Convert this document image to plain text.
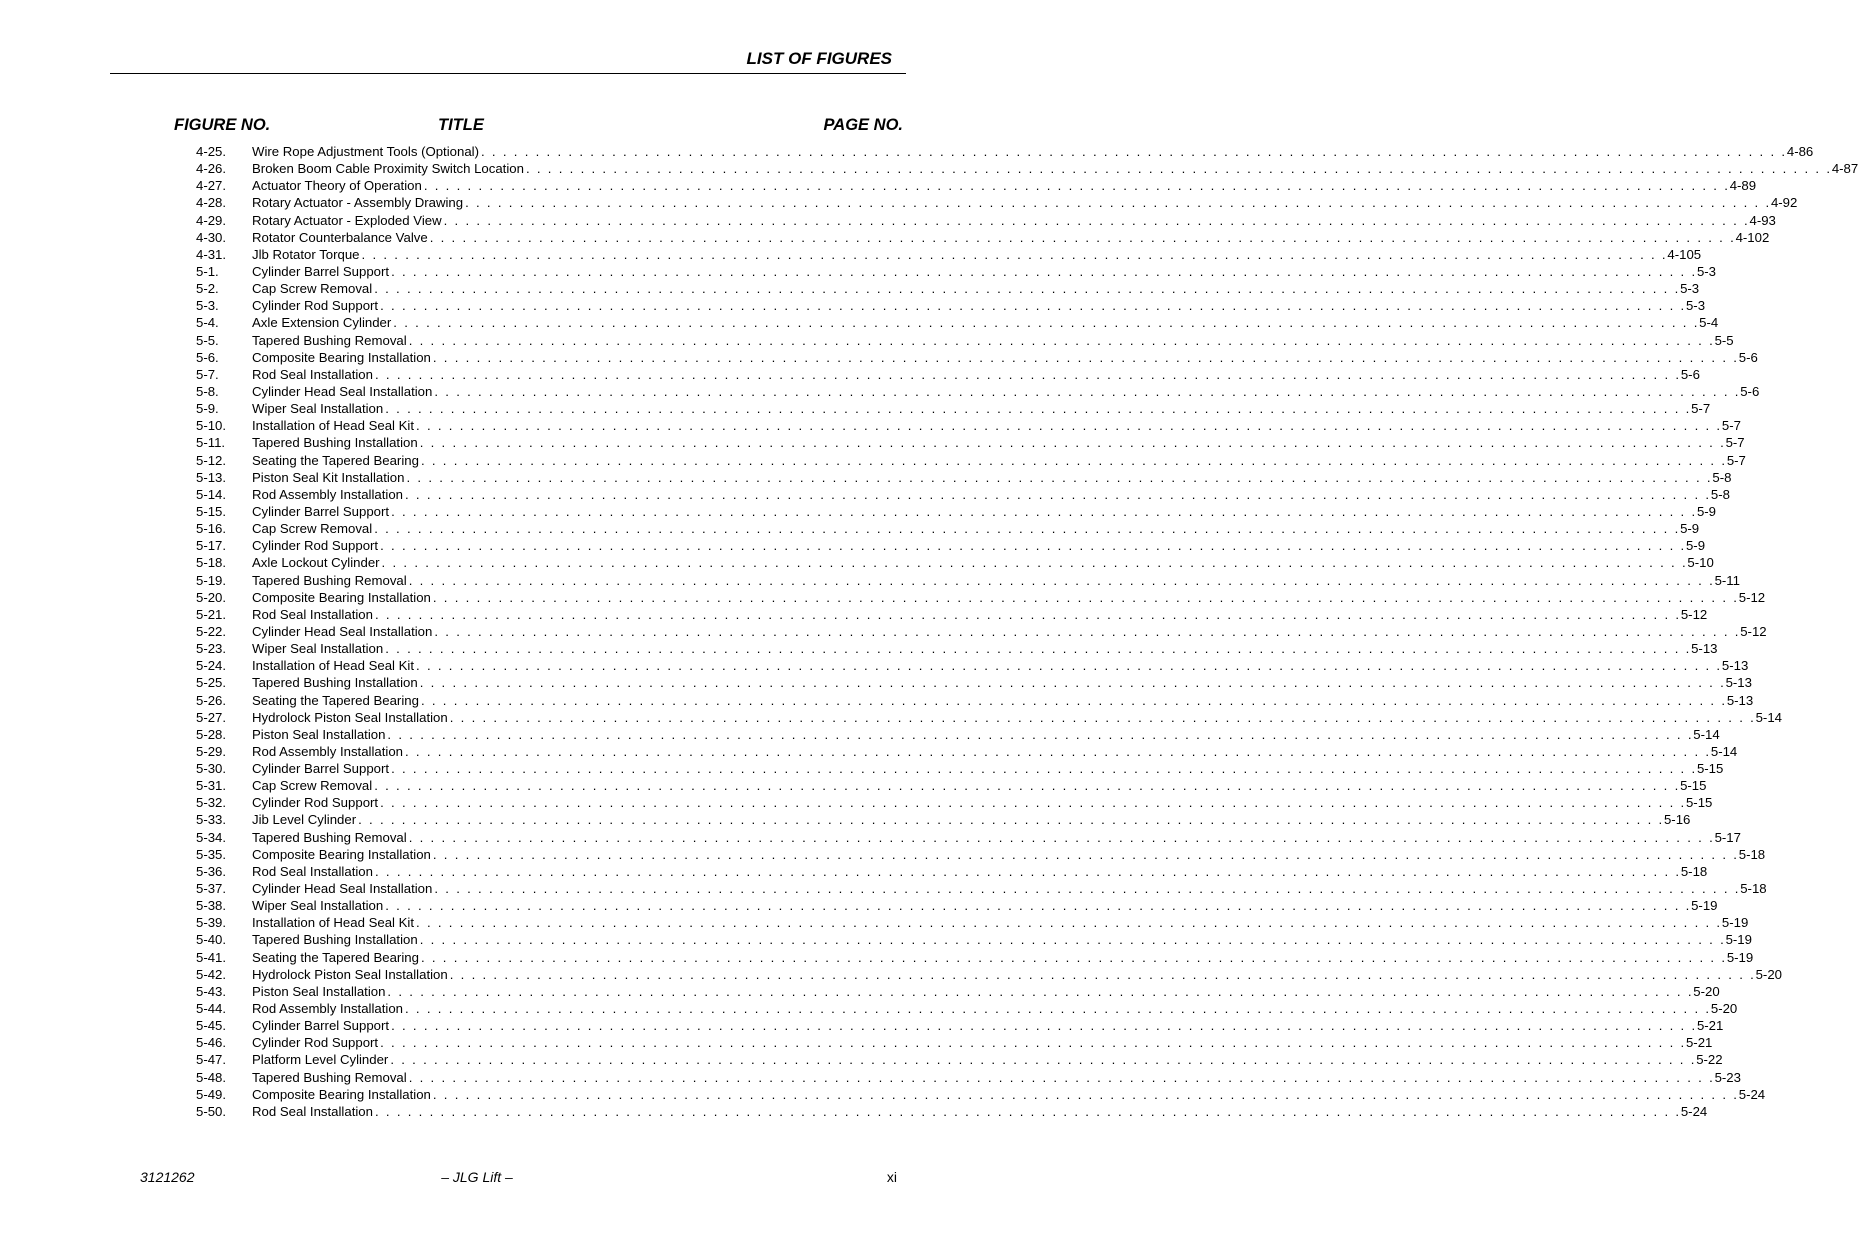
LIST OF FIGURES
FIGURE NO.	TITLE	PAGE NO.
4-25.	Wire Rope Adjustment Tools (Optional) . . . . . . . . . . . . . . . . . . . . . . . . . . . . . . . . . . . . . . . . . . . . . . . . . . . . . . . . . . . . . . . . . . . . . . . . . . . . . . . . . . . . . . . . . . . . . . . . . . . . . . . . . . . . . . . . . . . . . . . . 4-86
4-26.	Broken Boom Cable Proximity Switch Location . . . . . . . . . . . . . . . . . . . . . . . . . . . . . . . . . . . . . . . . . . . . . . . . . . . . . . . . . . . . . . . . . . . . . . . . . . . . . . . . . . . . . . . . . . . . . . . . . . . . . . . . . . . . . . . . . . . . . . . . 4-87
4-27.	Actuator Theory of Operation . . . . . . . . . . . . . . . . . . . . . . . . . . . . . . . . . . . . . . . . . . . . . . . . . . . . . . . . . . . . . . . . . . . . . . . . . . . . . . . . . . . . . . . . . . . . . . . . . . . . . . . . . . . . . . . . . . . . . . . . 4-89
4-28.	Rotary Actuator - Assembly Drawing . . . . . . . . . . . . . . . . . . . . . . . . . . . . . . . . . . . . . . . . . . . . . . . . . . . . . . . . . . . . . . . . . . . . . . . . . . . . . . . . . . . . . . . . . . . . . . . . . . . . . . . . . . . . . . . . . . . . . . . . 4-92
4-29.	Rotary Actuator - Exploded View . . . . . . . . . . . . . . . . . . . . . . . . . . . . . . . . . . . . . . . . . . . . . . . . . . . . . . . . . . . . . . . . . . . . . . . . . . . . . . . . . . . . . . . . . . . . . . . . . . . . . . . . . . . . . . . . . . . . . . . . 4-93
4-30.	Rotator Counterbalance Valve . . . . . . . . . . . . . . . . . . . . . . . . . . . . . . . . . . . . . . . . . . . . . . . . . . . . . . . . . . . . . . . . . . . . . . . . . . . . . . . . . . . . . . . . . . . . . . . . . . . . . . . . . . . . . . . . . . . . . . . . 4-102
4-31.	Jlb Rotator Torque . . . . . . . . . . . . . . . . . . . . . . . . . . . . . . . . . . . . . . . . . . . . . . . . . . . . . . . . . . . . . . . . . . . . . . . . . . . . . . . . . . . . . . . . . . . . . . . . . . . . . . . . . . . . . . . . . . . . . . . . 4-105
5-1.	Cylinder Barrel Support . . . . . . . . . . . . . . . . . . . . . . . . . . . . . . . . . . . . . . . . . . . . . . . . . . . . . . . . . . . . . . . . . . . . . . . . . . . . . . . . . . . . . . . . . . . . . . . . . . . . . . . . . . . . . . . . . . . . . . . . 5-3
5-2.	Cap Screw Removal . . . . . . . . . . . . . . . . . . . . . . . . . . . . . . . . . . . . . . . . . . . . . . . . . . . . . . . . . . . . . . . . . . . . . . . . . . . . . . . . . . . . . . . . . . . . . . . . . . . . . . . . . . . . . . . . . . . . . . . . 5-3
5-3.	Cylinder Rod Support . . . . . . . . . . . . . . . . . . . . . . . . . . . . . . . . . . . . . . . . . . . . . . . . . . . . . . . . . . . . . . . . . . . . . . . . . . . . . . . . . . . . . . . . . . . . . . . . . . . . . . . . . . . . . . . . . . . . . . . . 5-3
5-4.	Axle Extension Cylinder . . . . . . . . . . . . . . . . . . . . . . . . . . . . . . . . . . . . . . . . . . . . . . . . . . . . . . . . . . . . . . . . . . . . . . . . . . . . . . . . . . . . . . . . . . . . . . . . . . . . . . . . . . . . . . . . . . . . . . . . 5-4
5-5.	Tapered Bushing Removal . . . . . . . . . . . . . . . . . . . . . . . . . . . . . . . . . . . . . . . . . . . . . . . . . . . . . . . . . . . . . . . . . . . . . . . . . . . . . . . . . . . . . . . . . . . . . . . . . . . . . . . . . . . . . . . . . . . . . . . . 5-5
5-6.	Composite Bearing Installation . . . . . . . . . . . . . . . . . . . . . . . . . . . . . . . . . . . . . . . . . . . . . . . . . . . . . . . . . . . . . . . . . . . . . . . . . . . . . . . . . . . . . . . . . . . . . . . . . . . . . . . . . . . . . . . . . . . . . . . . 5-6
5-7.	Rod Seal Installation . . . . . . . . . . . . . . . . . . . . . . . . . . . . . . . . . . . . . . . . . . . . . . . . . . . . . . . . . . . . . . . . . . . . . . . . . . . . . . . . . . . . . . . . . . . . . . . . . . . . . . . . . . . . . . . . . . . . . . . . 5-6
5-8.	Cylinder Head Seal Installation . . . . . . . . . . . . . . . . . . . . . . . . . . . . . . . . . . . . . . . . . . . . . . . . . . . . . . . . . . . . . . . . . . . . . . . . . . . . . . . . . . . . . . . . . . . . . . . . . . . . . . . . . . . . . . . . . . . . . . . . 5-6
5-9.	Wiper Seal Installation . . . . . . . . . . . . . . . . . . . . . . . . . . . . . . . . . . . . . . . . . . . . . . . . . . . . . . . . . . . . . . . . . . . . . . . . . . . . . . . . . . . . . . . . . . . . . . . . . . . . . . . . . . . . . . . . . . . . . . . . 5-7
5-10.	Installation of Head Seal Kit . . . . . . . . . . . . . . . . . . . . . . . . . . . . . . . . . . . . . . . . . . . . . . . . . . . . . . . . . . . . . . . . . . . . . . . . . . . . . . . . . . . . . . . . . . . . . . . . . . . . . . . . . . . . . . . . . . . . . . . . 5-7
5-11.	Tapered Bushing Installation . . . . . . . . . . . . . . . . . . . . . . . . . . . . . . . . . . . . . . . . . . . . . . . . . . . . . . . . . . . . . . . . . . . . . . . . . . . . . . . . . . . . . . . . . . . . . . . . . . . . . . . . . . . . . . . . . . . . . . . . 5-7
5-12.	Seating the Tapered Bearing . . . . . . . . . . . . . . . . . . . . . . . . . . . . . . . . . . . . . . . . . . . . . . . . . . . . . . . . . . . . . . . . . . . . . . . . . . . . . . . . . . . . . . . . . . . . . . . . . . . . . . . . . . . . . . . . . . . . . . . . 5-7
5-13.	Piston Seal Kit Installation . . . . . . . . . . . . . . . . . . . . . . . . . . . . . . . . . . . . . . . . . . . . . . . . . . . . . . . . . . . . . . . . . . . . . . . . . . . . . . . . . . . . . . . . . . . . . . . . . . . . . . . . . . . . . . . . . . . . . . . . 5-8
5-14.	Rod Assembly Installation . . . . . . . . . . . . . . . . . . . . . . . . . . . . . . . . . . . . . . . . . . . . . . . . . . . . . . . . . . . . . . . . . . . . . . . . . . . . . . . . . . . . . . . . . . . . . . . . . . . . . . . . . . . . . . . . . . . . . . . . 5-8
5-15.	Cylinder Barrel Support . . . . . . . . . . . . . . . . . . . . . . . . . . . . . . . . . . . . . . . . . . . . . . . . . . . . . . . . . . . . . . . . . . . . . . . . . . . . . . . . . . . . . . . . . . . . . . . . . . . . . . . . . . . . . . . . . . . . . . . . 5-9
5-16.	Cap Screw Removal . . . . . . . . . . . . . . . . . . . . . . . . . . . . . . . . . . . . . . . . . . . . . . . . . . . . . . . . . . . . . . . . . . . . . . . . . . . . . . . . . . . . . . . . . . . . . . . . . . . . . . . . . . . . . . . . . . . . . . . . 5-9
5-17.	Cylinder Rod Support . . . . . . . . . . . . . . . . . . . . . . . . . . . . . . . . . . . . . . . . . . . . . . . . . . . . . . . . . . . . . . . . . . . . . . . . . . . . . . . . . . . . . . . . . . . . . . . . . . . . . . . . . . . . . . . . . . . . . . . . 5-9
5-18.	Axle Lockout Cylinder . . . . . . . . . . . . . . . . . . . . . . . . . . . . . . . . . . . . . . . . . . . . . . . . . . . . . . . . . . . . . . . . . . . . . . . . . . . . . . . . . . . . . . . . . . . . . . . . . . . . . . . . . . . . . . . . . . . . . . . . 5-10
5-19.	Tapered Bushing Removal . . . . . . . . . . . . . . . . . . . . . . . . . . . . . . . . . . . . . . . . . . . . . . . . . . . . . . . . . . . . . . . . . . . . . . . . . . . . . . . . . . . . . . . . . . . . . . . . . . . . . . . . . . . . . . . . . . . . . . . . 5-11
5-20.	Composite Bearing Installation . . . . . . . . . . . . . . . . . . . . . . . . . . . . . . . . . . . . . . . . . . . . . . . . . . . . . . . . . . . . . . . . . . . . . . . . . . . . . . . . . . . . . . . . . . . . . . . . . . . . . . . . . . . . . . . . . . . . . . . . 5-12
5-21.	Rod Seal Installation . . . . . . . . . . . . . . . . . . . . . . . . . . . . . . . . . . . . . . . . . . . . . . . . . . . . . . . . . . . . . . . . . . . . . . . . . . . . . . . . . . . . . . . . . . . . . . . . . . . . . . . . . . . . . . . . . . . . . . . . 5-12
5-22.	Cylinder Head Seal Installation . . . . . . . . . . . . . . . . . . . . . . . . . . . . . . . . . . . . . . . . . . . . . . . . . . . . . . . . . . . . . . . . . . . . . . . . . . . . . . . . . . . . . . . . . . . . . . . . . . . . . . . . . . . . . . . . . . . . . . . . 5-12
5-23.	Wiper Seal Installation . . . . . . . . . . . . . . . . . . . . . . . . . . . . . . . . . . . . . . . . . . . . . . . . . . . . . . . . . . . . . . . . . . . . . . . . . . . . . . . . . . . . . . . . . . . . . . . . . . . . . . . . . . . . . . . . . . . . . . . . 5-13
5-24.	Installation of Head Seal Kit . . . . . . . . . . . . . . . . . . . . . . . . . . . . . . . . . . . . . . . . . . . . . . . . . . . . . . . . . . . . . . . . . . . . . . . . . . . . . . . . . . . . . . . . . . . . . . . . . . . . . . . . . . . . . . . . . . . . . . . . 5-13
5-25.	Tapered Bushing Installation . . . . . . . . . . . . . . . . . . . . . . . . . . . . . . . . . . . . . . . . . . . . . . . . . . . . . . . . . . . . . . . . . . . . . . . . . . . . . . . . . . . . . . . . . . . . . . . . . . . . . . . . . . . . . . . . . . . . . . . . 5-13
5-26.	Seating the Tapered Bearing . . . . . . . . . . . . . . . . . . . . . . . . . . . . . . . . . . . . . . . . . . . . . . . . . . . . . . . . . . . . . . . . . . . . . . . . . . . . . . . . . . . . . . . . . . . . . . . . . . . . . . . . . . . . . . . . . . . . . . . . 5-13
5-27.	Hydrolock Piston Seal Installation . . . . . . . . . . . . . . . . . . . . . . . . . . . . . . . . . . . . . . . . . . . . . . . . . . . . . . . . . . . . . . . . . . . . . . . . . . . . . . . . . . . . . . . . . . . . . . . . . . . . . . . . . . . . . . . . . . . . . . . . 5-14
5-28.	Piston Seal Installation . . . . . . . . . . . . . . . . . . . . . . . . . . . . . . . . . . . . . . . . . . . . . . . . . . . . . . . . . . . . . . . . . . . . . . . . . . . . . . . . . . . . . . . . . . . . . . . . . . . . . . . . . . . . . . . . . . . . . . . . 5-14
5-29.	Rod Assembly Installation . . . . . . . . . . . . . . . . . . . . . . . . . . . . . . . . . . . . . . . . . . . . . . . . . . . . . . . . . . . . . . . . . . . . . . . . . . . . . . . . . . . . . . . . . . . . . . . . . . . . . . . . . . . . . . . . . . . . . . . . 5-14
5-30.	Cylinder Barrel Support . . . . . . . . . . . . . . . . . . . . . . . . . . . . . . . . . . . . . . . . . . . . . . . . . . . . . . . . . . . . . . . . . . . . . . . . . . . . . . . . . . . . . . . . . . . . . . . . . . . . . . . . . . . . . . . . . . . . . . . . 5-15
5-31.	Cap Screw Removal . . . . . . . . . . . . . . . . . . . . . . . . . . . . . . . . . . . . . . . . . . . . . . . . . . . . . . . . . . . . . . . . . . . . . . . . . . . . . . . . . . . . . . . . . . . . . . . . . . . . . . . . . . . . . . . . . . . . . . . . 5-15
5-32.	Cylinder Rod Support . . . . . . . . . . . . . . . . . . . . . . . . . . . . . . . . . . . . . . . . . . . . . . . . . . . . . . . . . . . . . . . . . . . . . . . . . . . . . . . . . . . . . . . . . . . . . . . . . . . . . . . . . . . . . . . . . . . . . . . . 5-15
5-33.	Jib Level Cylinder . . . . . . . . . . . . . . . . . . . . . . . . . . . . . . . . . . . . . . . . . . . . . . . . . . . . . . . . . . . . . . . . . . . . . . . . . . . . . . . . . . . . . . . . . . . . . . . . . . . . . . . . . . . . . . . . . . . . . . . . 5-16
5-34.	Tapered Bushing Removal . . . . . . . . . . . . . . . . . . . . . . . . . . . . . . . . . . . . . . . . . . . . . . . . . . . . . . . . . . . . . . . . . . . . . . . . . . . . . . . . . . . . . . . . . . . . . . . . . . . . . . . . . . . . . . . . . . . . . . . . 5-17
5-35.	Composite Bearing Installation . . . . . . . . . . . . . . . . . . . . . . . . . . . . . . . . . . . . . . . . . . . . . . . . . . . . . . . . . . . . . . . . . . . . . . . . . . . . . . . . . . . . . . . . . . . . . . . . . . . . . . . . . . . . . . . . . . . . . . . . 5-18
5-36.	Rod Seal Installation . . . . . . . . . . . . . . . . . . . . . . . . . . . . . . . . . . . . . . . . . . . . . . . . . . . . . . . . . . . . . . . . . . . . . . . . . . . . . . . . . . . . . . . . . . . . . . . . . . . . . . . . . . . . . . . . . . . . . . . . 5-18
5-37.	Cylinder Head Seal Installation . . . . . . . . . . . . . . . . . . . . . . . . . . . . . . . . . . . . . . . . . . . . . . . . . . . . . . . . . . . . . . . . . . . . . . . . . . . . . . . . . . . . . . . . . . . . . . . . . . . . . . . . . . . . . . . . . . . . . . . . 5-18
5-38.	Wiper Seal Installation . . . . . . . . . . . . . . . . . . . . . . . . . . . . . . . . . . . . . . . . . . . . . . . . . . . . . . . . . . . . . . . . . . . . . . . . . . . . . . . . . . . . . . . . . . . . . . . . . . . . . . . . . . . . . . . . . . . . . . . . 5-19
5-39.	Installation of Head Seal Kit . . . . . . . . . . . . . . . . . . . . . . . . . . . . . . . . . . . . . . . . . . . . . . . . . . . . . . . . . . . . . . . . . . . . . . . . . . . . . . . . . . . . . . . . . . . . . . . . . . . . . . . . . . . . . . . . . . . . . . . . 5-19
5-40.	Tapered Bushing Installation . . . . . . . . . . . . . . . . . . . . . . . . . . . . . . . . . . . . . . . . . . . . . . . . . . . . . . . . . . . . . . . . . . . . . . . . . . . . . . . . . . . . . . . . . . . . . . . . . . . . . . . . . . . . . . . . . . . . . . . . 5-19
5-41.	Seating the Tapered Bearing . . . . . . . . . . . . . . . . . . . . . . . . . . . . . . . . . . . . . . . . . . . . . . . . . . . . . . . . . . . . . . . . . . . . . . . . . . . . . . . . . . . . . . . . . . . . . . . . . . . . . . . . . . . . . . . . . . . . . . . . 5-19
5-42.	Hydrolock Piston Seal Installation . . . . . . . . . . . . . . . . . . . . . . . . . . . . . . . . . . . . . . . . . . . . . . . . . . . . . . . . . . . . . . . . . . . . . . . . . . . . . . . . . . . . . . . . . . . . . . . . . . . . . . . . . . . . . . . . . . . . . . . . 5-20
5-43.	Piston Seal Installation . . . . . . . . . . . . . . . . . . . . . . . . . . . . . . . . . . . . . . . . . . . . . . . . . . . . . . . . . . . . . . . . . . . . . . . . . . . . . . . . . . . . . . . . . . . . . . . . . . . . . . . . . . . . . . . . . . . . . . . . 5-20
5-44.	Rod Assembly Installation . . . . . . . . . . . . . . . . . . . . . . . . . . . . . . . . . . . . . . . . . . . . . . . . . . . . . . . . . . . . . . . . . . . . . . . . . . . . . . . . . . . . . . . . . . . . . . . . . . . . . . . . . . . . . . . . . . . . . . . . 5-20
5-45.	Cylinder Barrel Support . . . . . . . . . . . . . . . . . . . . . . . . . . . . . . . . . . . . . . . . . . . . . . . . . . . . . . . . . . . . . . . . . . . . . . . . . . . . . . . . . . . . . . . . . . . . . . . . . . . . . . . . . . . . . . . . . . . . . . . . 5-21
5-46.	Cylinder Rod Support . . . . . . . . . . . . . . . . . . . . . . . . . . . . . . . . . . . . . . . . . . . . . . . . . . . . . . . . . . . . . . . . . . . . . . . . . . . . . . . . . . . . . . . . . . . . . . . . . . . . . . . . . . . . . . . . . . . . . . . . 5-21
5-47.	Platform Level Cylinder . . . . . . . . . . . . . . . . . . . . . . . . . . . . . . . . . . . . . . . . . . . . . . . . . . . . . . . . . . . . . . . . . . . . . . . . . . . . . . . . . . . . . . . . . . . . . . . . . . . . . . . . . . . . . . . . . . . . . . . . 5-22
5-48.	Tapered Bushing Removal . . . . . . . . . . . . . . . . . . . . . . . . . . . . . . . . . . . . . . . . . . . . . . . . . . . . . . . . . . . . . . . . . . . . . . . . . . . . . . . . . . . . . . . . . . . . . . . . . . . . . . . . . . . . . . . . . . . . . . . . 5-23
5-49.	Composite Bearing Installation . . . . . . . . . . . . . . . . . . . . . . . . . . . . . . . . . . . . . . . . . . . . . . . . . . . . . . . . . . . . . . . . . . . . . . . . . . . . . . . . . . . . . . . . . . . . . . . . . . . . . . . . . . . . . . . . . . . . . . . . 5-24
5-50.	Rod Seal Installation . . . . . . . . . . . . . . . . . . . . . . . . . . . . . . . . . . . . . . . . . . . . . . . . . . . . . . . . . . . . . . . . . . . . . . . . . . . . . . . . . . . . . . . . . . . . . . . . . . . . . . . . . . . . . . . . . . . . . . . . 5-24
3121262	– JLG Lift –	xi
